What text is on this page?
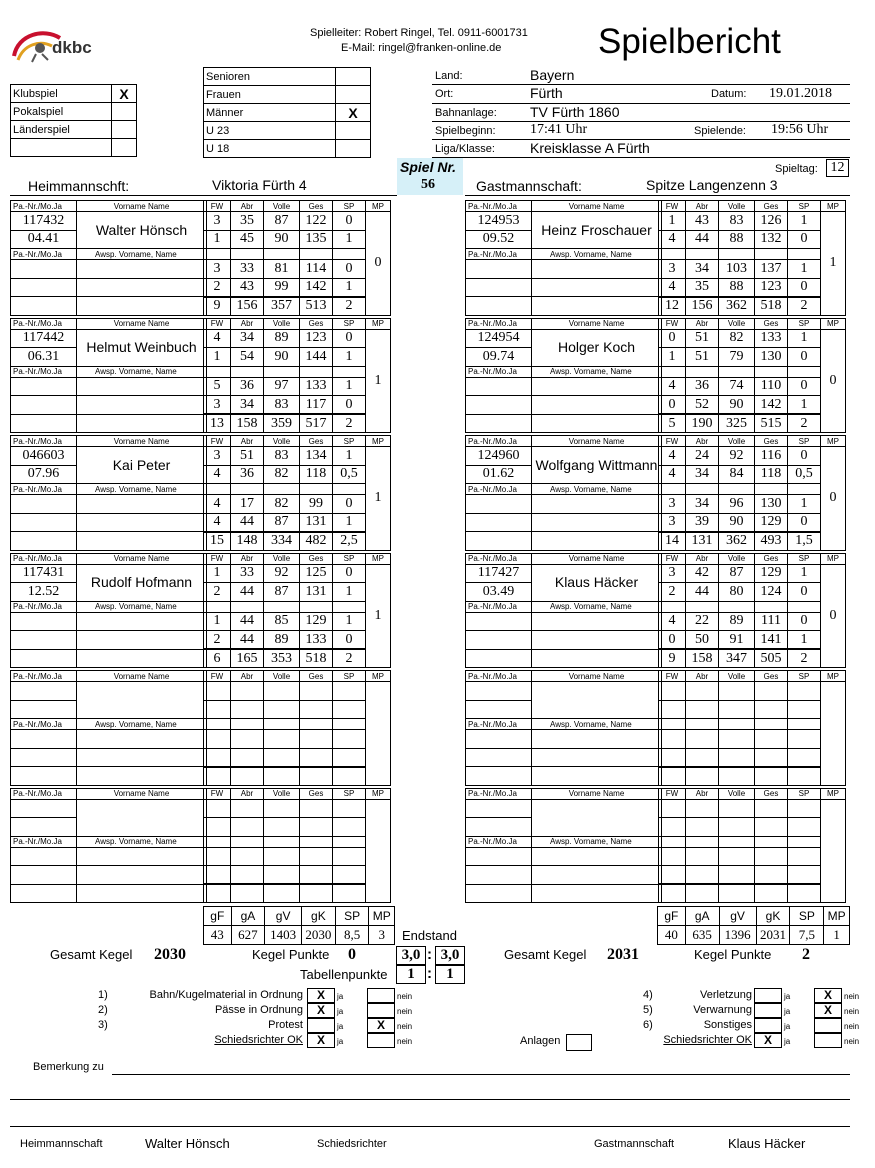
dkbc
Spielleiter: Robert Ringel, Tel. 0911-6001731
E-Mail: ringel@franken-online.de	Spielbericht
Klubspiel	X
Pokalspiel	
Länderspiel	

Senioren	
Frauen	
Männer	X
U 23	
U 18	
Land:	Bayern
Ort:	Fürth	Datum: 19.01.2018
Bahnanlage: TV Fürth 1860
Spielbeginn: 17:41 Uhr	Spielende: 19:56 Uhr
Liga/Klasse:	Kreisklasse A Fürth
Spiel Nr.
56
Spieltag: 12
Heimmannschft:	Viktoria Fürth 4	Gastmannschaft:	Spitze Langenzenn 3
Pa.-Nr./Mo.Ja	Vorname Name
117432	Walter Hönsch
04.41	
Pa.-Nr./Mo.Ja	Awsp. Vorname, Name

FW	Abr	Volle	Ges	SP	MP
3	35	87	122	0	0
1	45	90	135	1	

3	33	81	114	0	
2	43	99	142	1	
9	156	357	513	2	
Pa.-Nr./Mo.Ja	Vorname Name
117442	Helmut Weinbuch
06.31	
Pa.-Nr./Mo.Ja	Awsp. Vorname, Name

FW	Abr	Volle	Ges	SP	MP
4	34	89	123	0	1
1	54	90	144	1	

5	36	97	133	1	
3	34	83	117	0	
13	158	359	517	2	
Pa.-Nr./Mo.Ja	Vorname Name
046603	Kai Peter
07.96	
Pa.-Nr./Mo.Ja	Awsp. Vorname, Name

FW	Abr	Volle	Ges	SP	MP
3	51	83	134	1	1
4	36	82	118	0,5	

4	17	82	99	0	
4	44	87	131	1	
15	148	334	482	2,5	
Pa.-Nr./Mo.Ja	Vorname Name
117431	Rudolf Hofmann
12.52	
Pa.-Nr./Mo.Ja	Awsp. Vorname, Name

FW	Abr	Volle	Ges	SP	MP
1	33	92	125	0	1
2	44	87	131	1	

1	44	85	129	1	
2	44	89	133	0	
6	165	353	518	2	
Pa.-Nr./Mo.Ja	Vorname Name

Pa.-Nr./Mo.Ja	Awsp. Vorname, Name

FW	Abr	Volle	Ges	SP	MP

Pa.-Nr./Mo.Ja	Vorname Name

Pa.-Nr./Mo.Ja	Awsp. Vorname, Name

FW	Abr	Volle	Ges	SP	MP

Pa.-Nr./Mo.Ja	Vorname Name
124953	Heinz Froschauer
09.52	
Pa.-Nr./Mo.Ja	Awsp. Vorname, Name

FW	Abr	Volle	Ges	SP	MP
1	43	83	126	1	1
4	44	88	132	0	

3	34	103	137	1	
4	35	88	123	0	
12	156	362	518	2	
Pa.-Nr./Mo.Ja	Vorname Name
124954	Holger Koch
09.74	
Pa.-Nr./Mo.Ja	Awsp. Vorname, Name

FW	Abr	Volle	Ges	SP	MP
0	51	82	133	1	0
1	51	79	130	0	

4	36	74	110	0	
0	52	90	142	1	
5	190	325	515	2	
Pa.-Nr./Mo.Ja	Vorname Name
124960	Wolfgang Wittmann
01.62	
Pa.-Nr./Mo.Ja	Awsp. Vorname, Name

FW	Abr	Volle	Ges	SP	MP
4	24	92	116	0	0
4	34	84	118	0,5	

3	34	96	130	1	
3	39	90	129	0	
14	131	362	493	1,5	
Pa.-Nr./Mo.Ja	Vorname Name
117427	Klaus Häcker
03.49	
Pa.-Nr./Mo.Ja	Awsp. Vorname, Name

FW	Abr	Volle	Ges	SP	MP
3	42	87	129	1	0
2	44	80	124	0	

4	22	89	111	0	
0	50	91	141	1	
9	158	347	505	2	
Pa.-Nr./Mo.Ja	Vorname Name

Pa.-Nr./Mo.Ja	Awsp. Vorname, Name

FW	Abr	Volle	Ges	SP	MP

Pa.-Nr./Mo.Ja	Vorname Name

Pa.-Nr./Mo.Ja	Awsp. Vorname, Name

FW	Abr	Volle	Ges	SP	MP

gF	gA	gV	gK	SP	MP
43	627	1403	2030	8,5	3
gF	gA	gV	gK	SP	MP
40	635	1396	2031	7,5	1
Endstand
3,0 : 3,0
Tabellenpunkte	1 : 1
Gesamt Kegel 2030	Kegel Punkte 0	Gesamt Kegel 2031	Kegel Punkte 2
1)	Bahn/Kugelmaterial in Ordnung	X	ja	nein
2)	Pässe in Ordnung	X	ja	nein
3)	Protest	ja	X	nein
Schiedsrichter OK	X	ja	nein
4)	Verletzung	ja	X	nein
5)	Verwarnung	ja	X	nein
6)	Sonstiges	ja	nein
Schiedsrichter OK X	ja	nein
Anlagen
Bemerkung zu
Heimmannschaft	Walter Hönsch	Schiedsrichter	Gastmannschaft	Klaus Häcker
